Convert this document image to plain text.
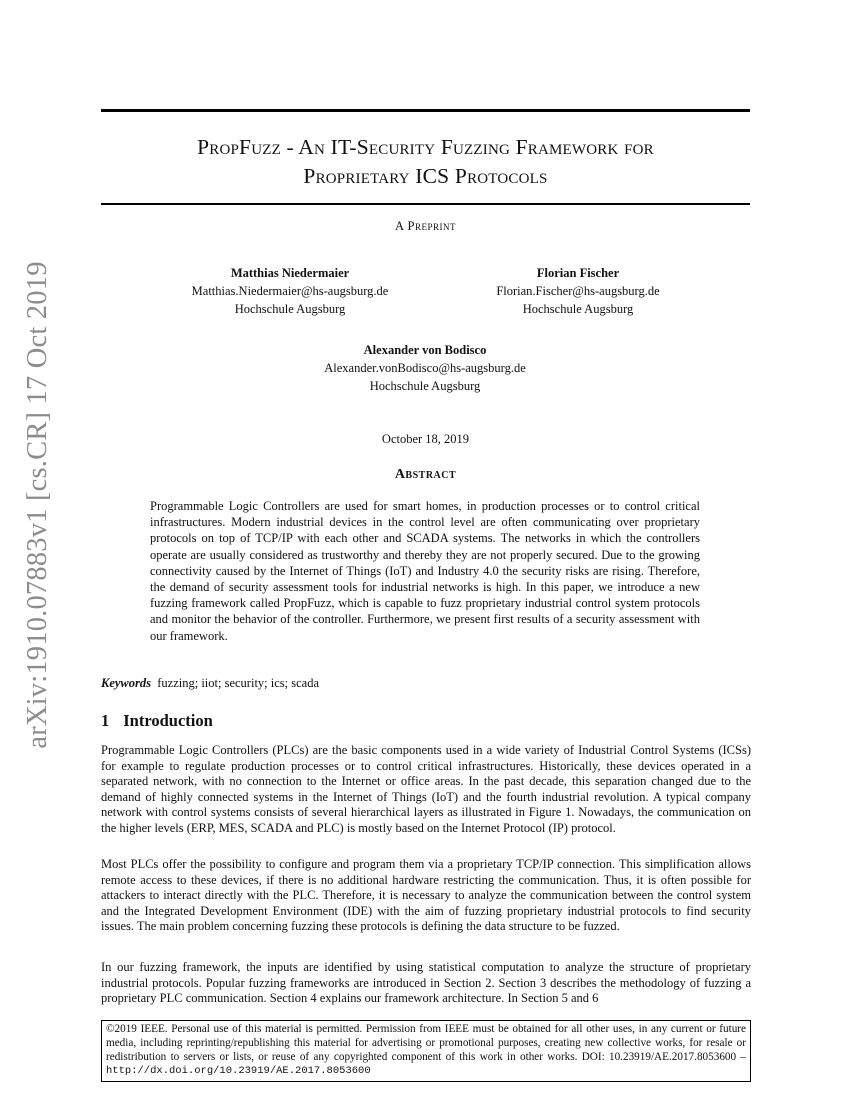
arXiv:1910.07883v1 [cs.CR] 17 Oct 2019
PropFuzz - An IT-Security Fuzzing Framework for
Proprietary ICS Protocols
A Preprint
Matthias Niedermaier
Matthias.Niedermaier@hs-augsburg.de
Hochschule Augsburg
Florian Fischer
Florian.Fischer@hs-augsburg.de
Hochschule Augsburg
Alexander von Bodisco
Alexander.vonBodisco@hs-augsburg.de
Hochschule Augsburg
October 18, 2019
Abstract

Programmable Logic Controllers are used for smart homes, in production processes or to control critical infrastructures. Modern industrial devices in the control level are often communicating over proprietary protocols on top of TCP/IP with each other and SCADA systems. The networks in which the controllers operate are usually considered as trustworthy and thereby they are not properly secured. Due to the growing connectivity caused by the Internet of Things (IoT) and Industry 4.0 the security risks are rising. Therefore, the demand of security assessment tools for industrial networks is high. In this paper, we introduce a new fuzzing framework called PropFuzz, which is capable to fuzz proprietary industrial control system protocols and monitor the behavior of the controller. Furthermore, we present first results of a security assessment with our framework.

Keywords fuzzing; iiot; security; ics; scada
1 Introduction

Programmable Logic Controllers (PLCs) are the basic components used in a wide variety of Industrial Control Systems (ICSs) for example to regulate production processes or to control critical infrastructures. Historically, these devices operated in a separated network, with no connection to the Internet or office areas. In the past decade, this separation changed due to the demand of highly connected systems in the Internet of Things (IoT) and the fourth industrial revolution. A typical company network with control systems consists of several hierarchical layers as illustrated in Figure 1. Nowadays, the communication on the higher levels (ERP, MES, SCADA and PLC) is mostly based on the Internet Protocol (IP) protocol.

Most PLCs offer the possibility to configure and program them via a proprietary TCP/IP connection. This simplification allows remote access to these devices, if there is no additional hardware restricting the communication. Thus, it is often possible for attackers to interact directly with the PLC. Therefore, it is necessary to analyze the communication between the control system and the Integrated Development Environment (IDE) with the aim of fuzzing proprietary industrial protocols to find security issues. The main problem concerning fuzzing these protocols is defining the data structure to be fuzzed.

In our fuzzing framework, the inputs are identified by using statistical computation to analyze the structure of proprietary industrial protocols. Popular fuzzing frameworks are introduced in Section 2. Section 3 describes the methodology of fuzzing a proprietary PLC communication. Section 4 explains our framework architecture. In Section 5 and 6

©2019 IEEE. Personal use of this material is permitted. Permission from IEEE must be obtained for all other uses, in any current or future media, including reprinting/republishing this material for advertising or promotional purposes, creating new collective works, for resale or redistribution to servers or lists, or reuse of any copyrighted component of this work in other works. DOI: 10.23919/AE.2017.8053600 – http://dx.doi.org/10.23919/AE.2017.8053600
